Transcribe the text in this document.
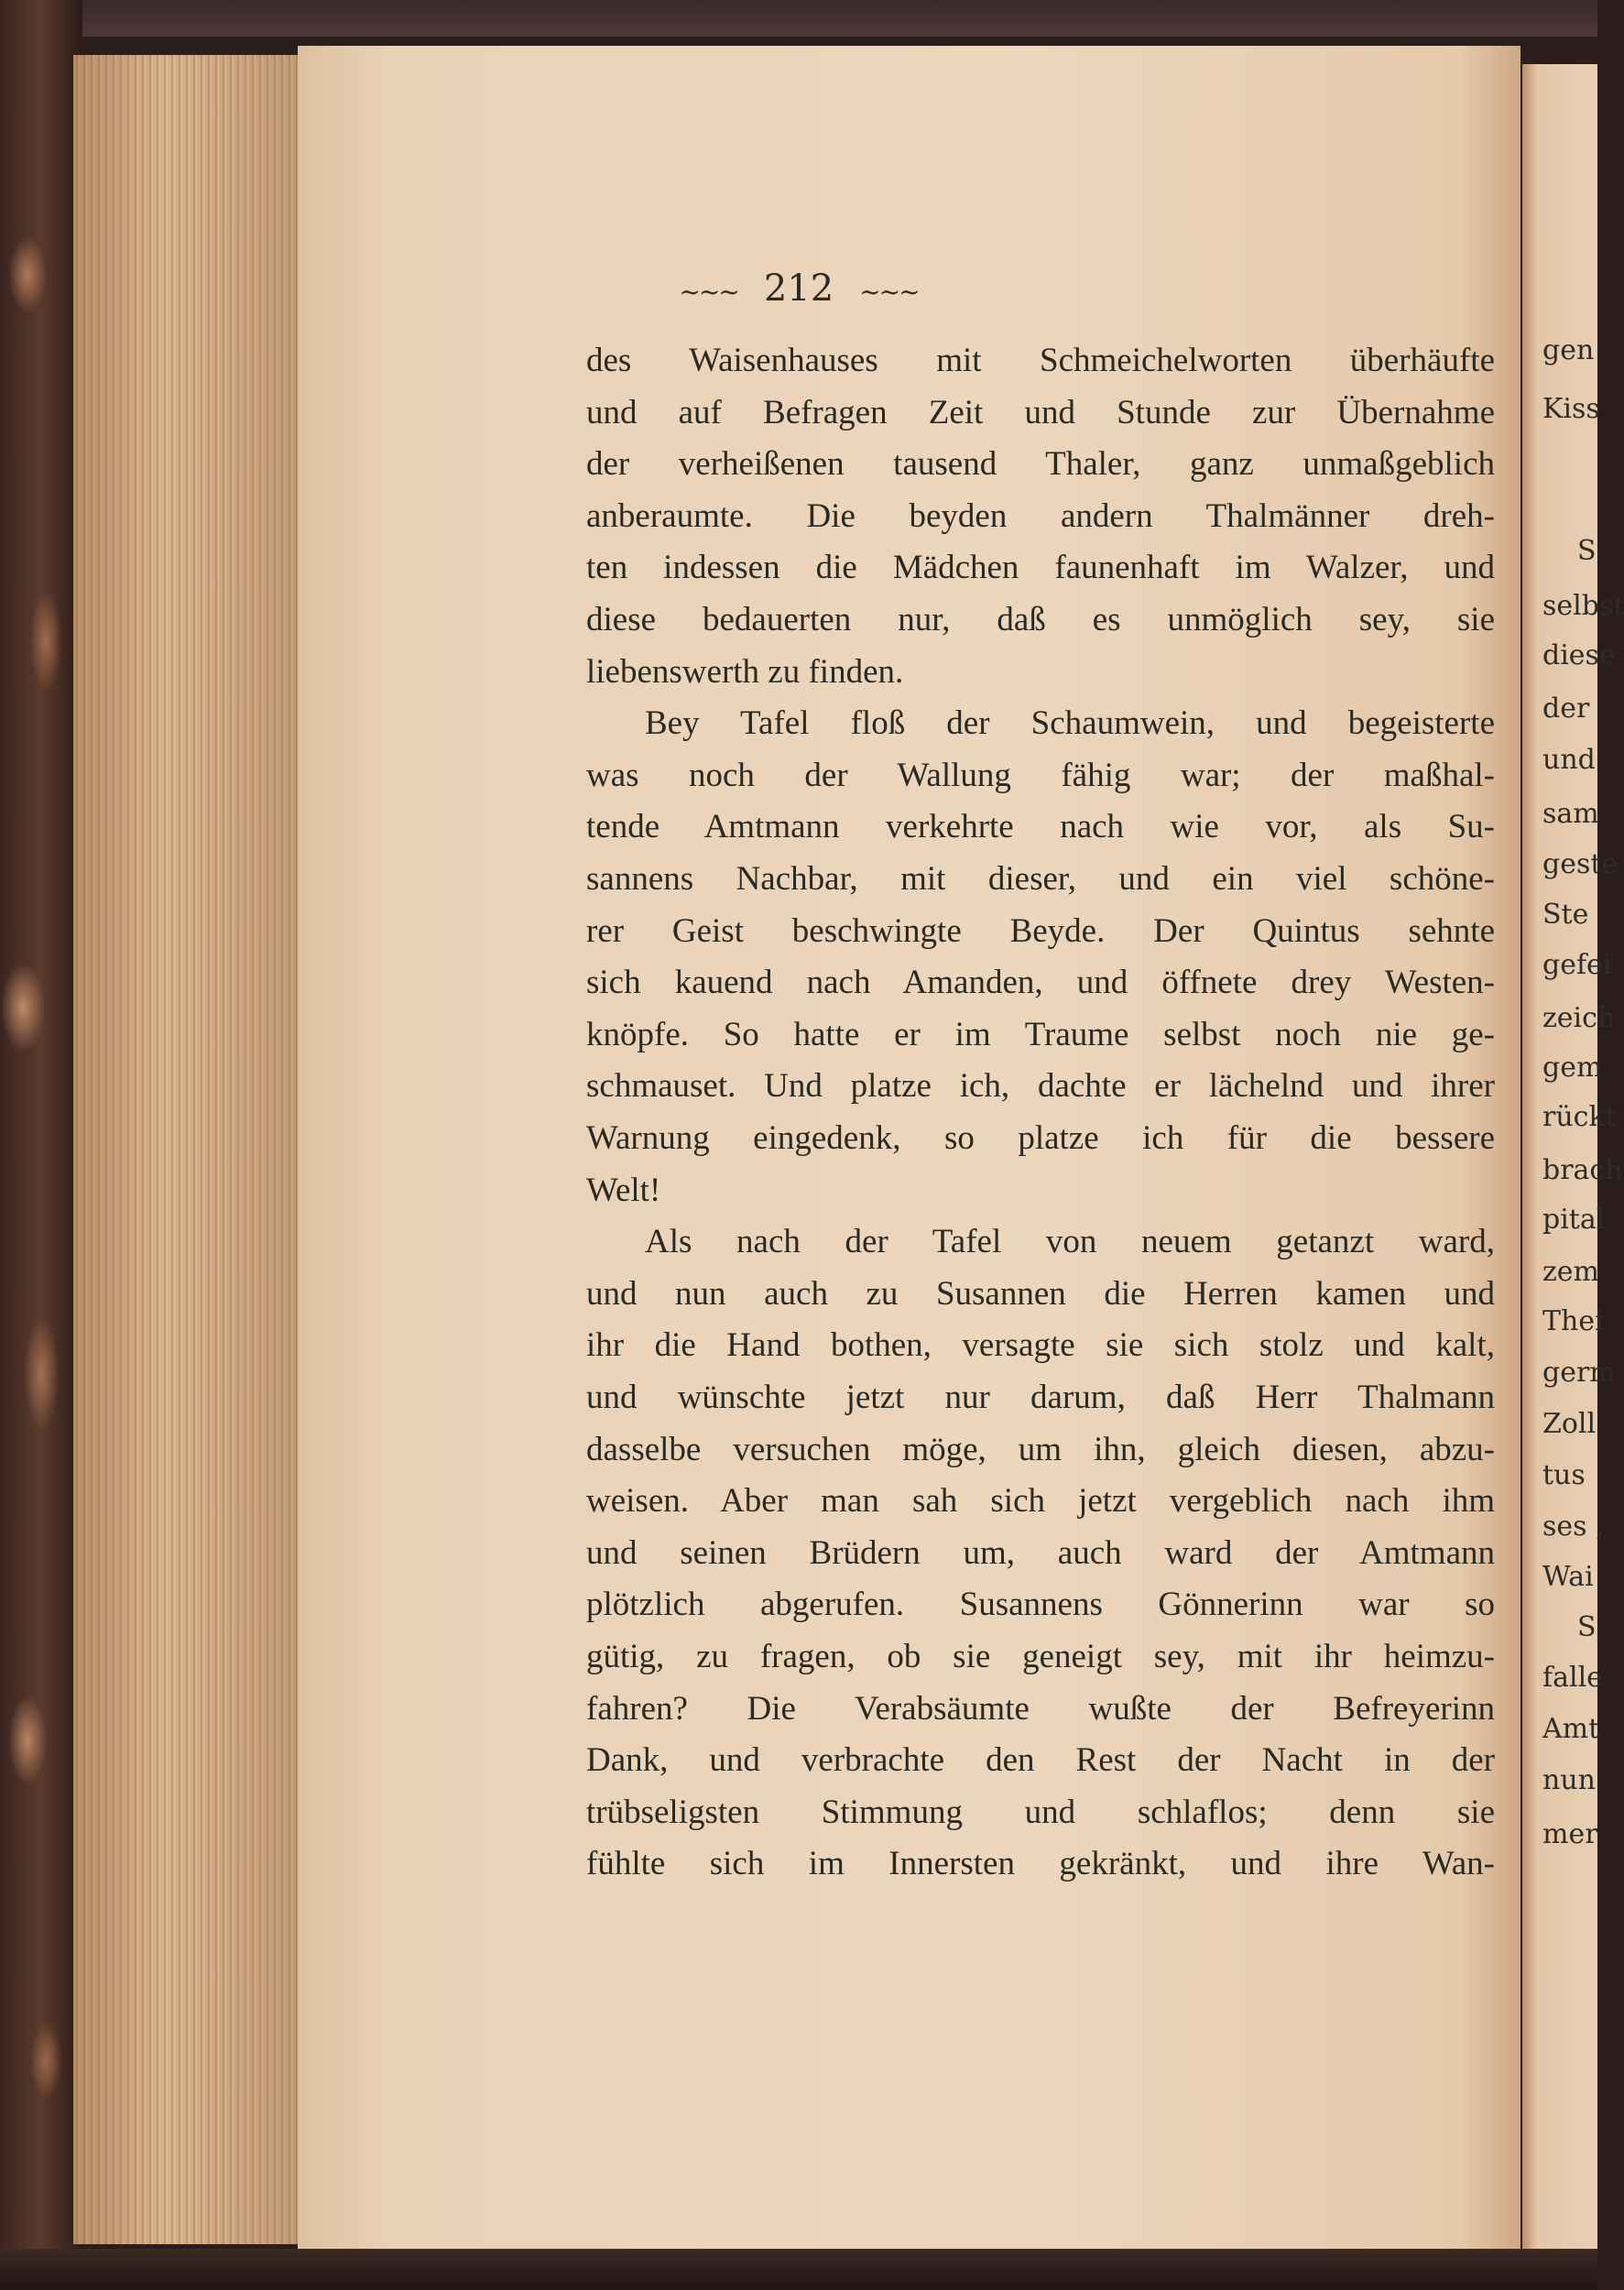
gen
Kiss
S
selbst
diese
der
und
sam
geste
Ste
gefei
zeich
gem
rückt
brach
pital
zem
Thei
germ
Zoll
tus
ses ,
Wai
S
falle
Amt
nun
mer
~~~ 212 ~~~
des Waisenhauses mit Schmeichelworten überhäufte
und auf Befragen Zeit und Stunde zur Übernahme
der verheißenen tausend Thaler, ganz unmaßgeblich
anberaumte. Die beyden andern Thalmänner dreh-
ten indessen die Mädchen faunenhaft im Walzer, und
diese bedauerten nur, daß es unmöglich sey, sie
liebenswerth zu finden.
Bey Tafel floß der Schaumwein, und begeisterte
was noch der Wallung fähig war; der maßhal-
tende Amtmann verkehrte nach wie vor, als Su-
sannens Nachbar, mit dieser, und ein viel schöne-
rer Geist beschwingte Beyde. Der Quintus sehnte
sich kauend nach Amanden, und öffnete drey Westen-
knöpfe. So hatte er im Traume selbst noch nie ge-
schmauset. Und platze ich, dachte er lächelnd und ihrer
Warnung eingedenk, so platze ich für die bessere
Welt!
Als nach der Tafel von neuem getanzt ward,
und nun auch zu Susannen die Herren kamen und
ihr die Hand bothen, versagte sie sich stolz und kalt,
und wünschte jetzt nur darum, daß Herr Thalmann
dasselbe versuchen möge, um ihn, gleich diesen, abzu-
weisen. Aber man sah sich jetzt vergeblich nach ihm
und seinen Brüdern um, auch ward der Amtmann
plötzlich abgerufen. Susannens Gönnerinn war so
gütig, zu fragen, ob sie geneigt sey, mit ihr heimzu-
fahren? Die Verabsäumte wußte der Befreyerinn
Dank, und verbrachte den Rest der Nacht in der
trübseligsten Stimmung und schlaflos; denn sie
fühlte sich im Innersten gekränkt, und ihre Wan-
